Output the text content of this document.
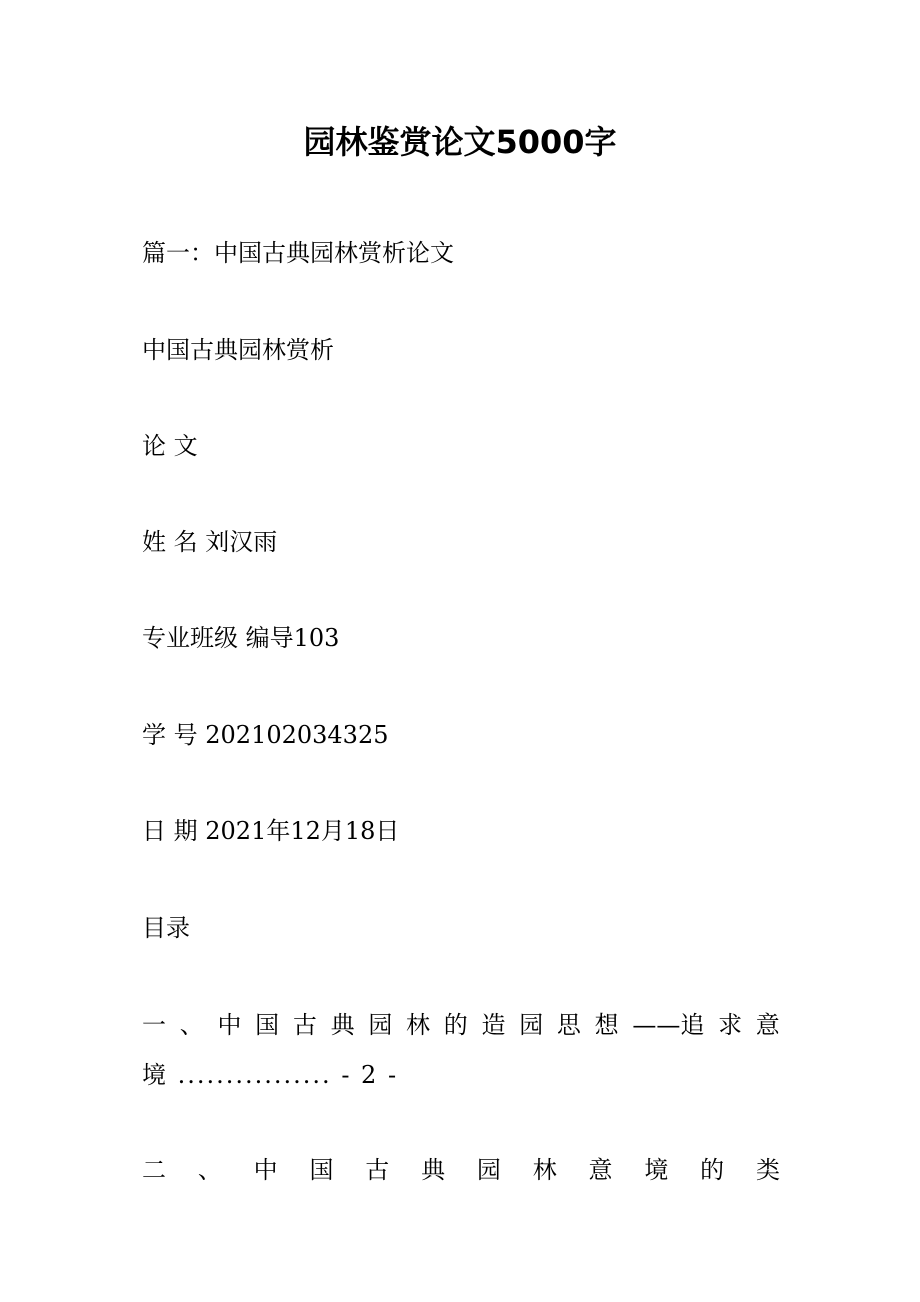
园林鉴赏论文5000字

篇一：中国古典园林赏析论文

中国古典园林赏析

论 文

姓 名 刘汉雨

专业班级 编导103

学 号 202102034325

日 期 2021年12月18日

目录

一 、 中 国 古 典 园 林 的 造 园 思 想 ——追 求 意

境 ................ - 2 -

二 、 中 国 古 典 园 林 意 境 的 类
